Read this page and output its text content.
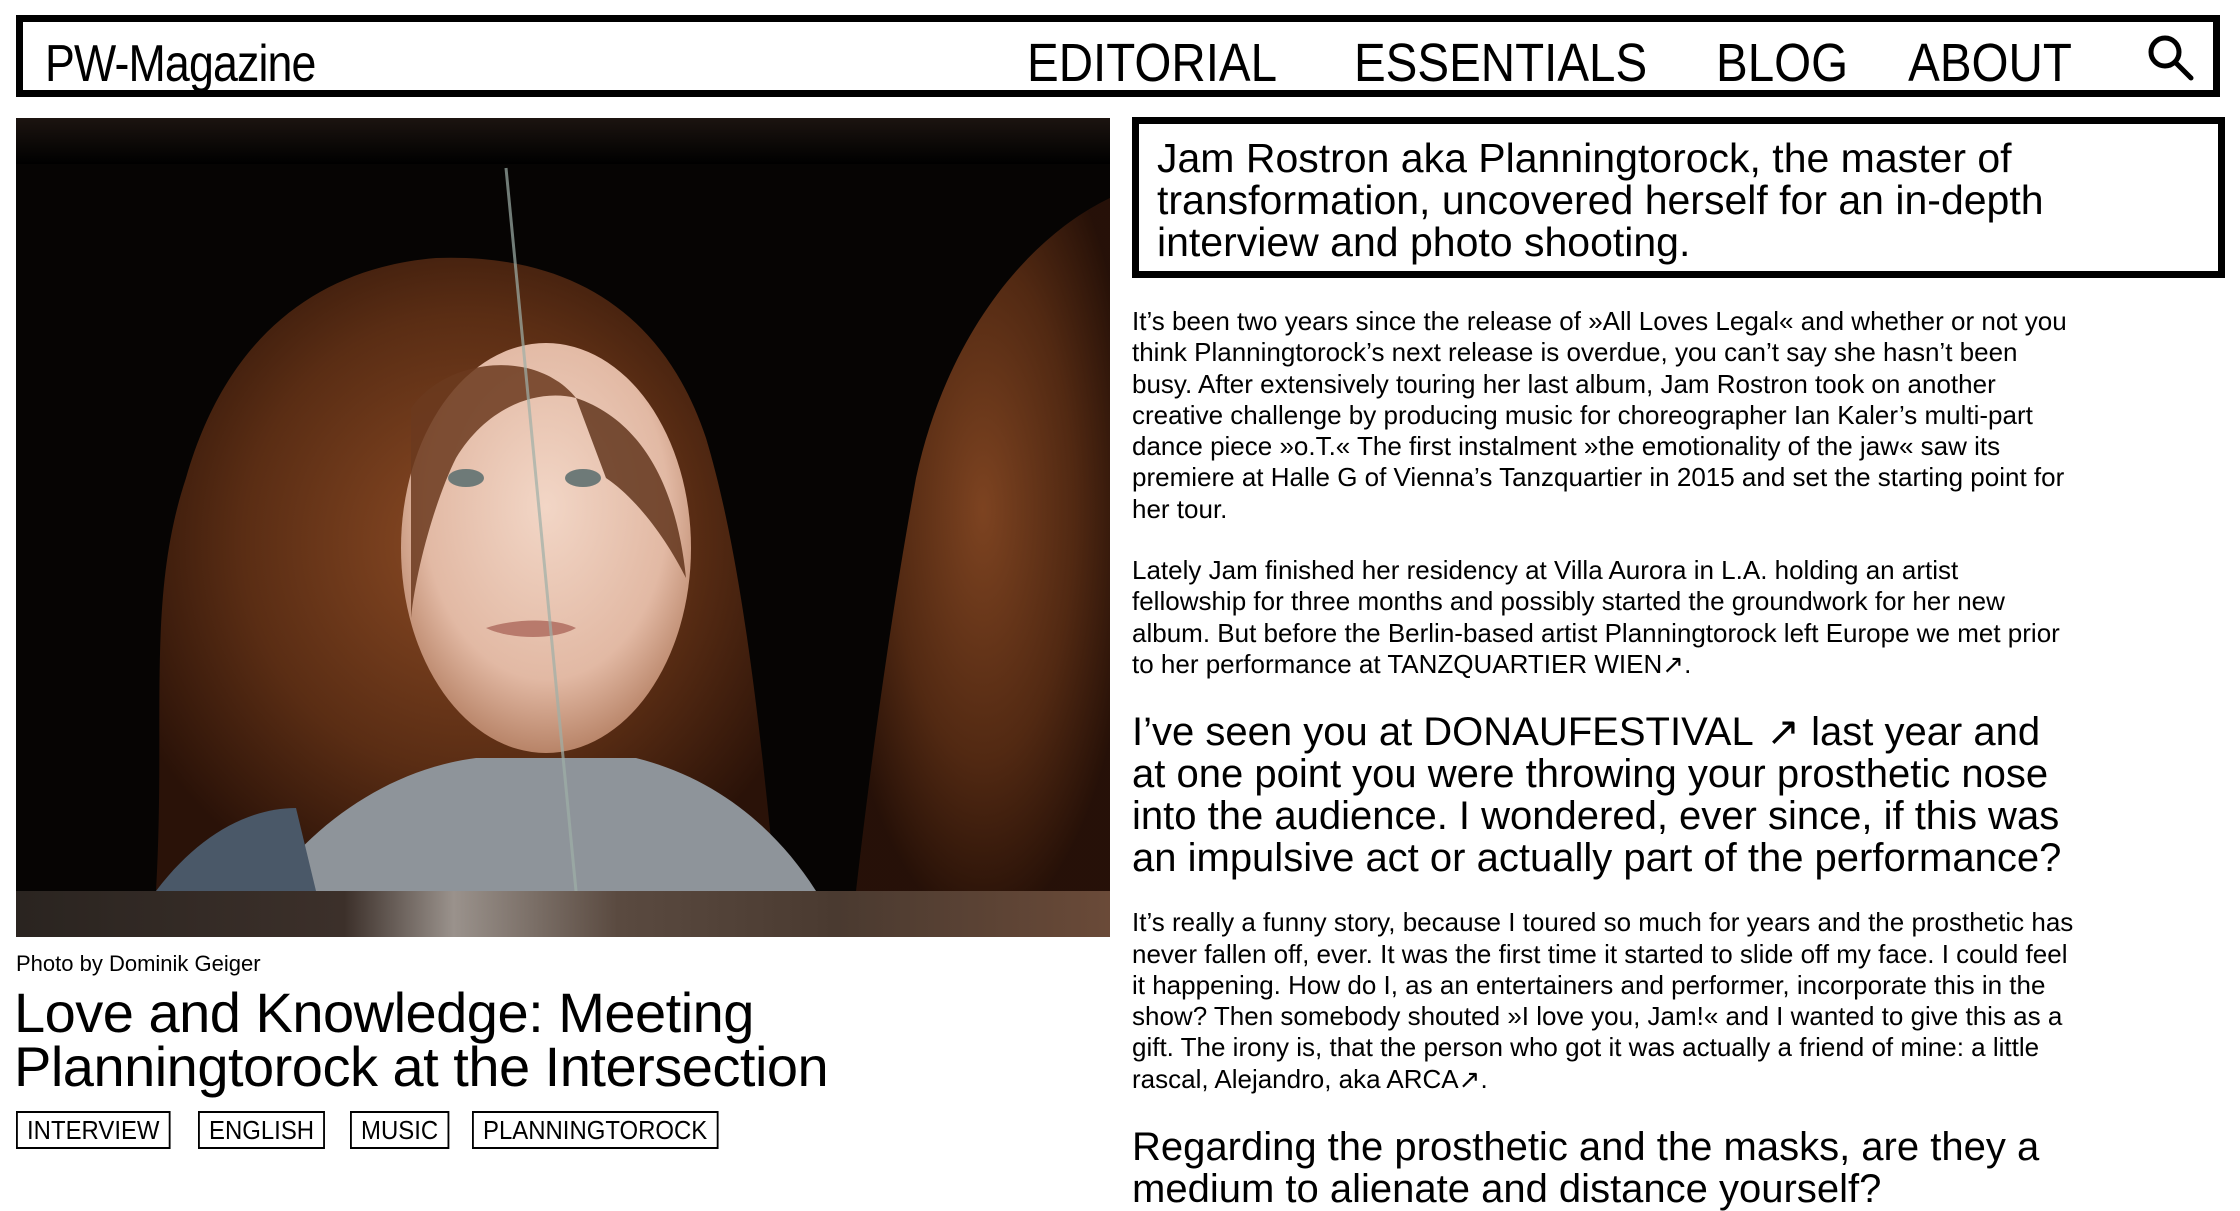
PW-Magazine	EDITORIAL ESSENTIALS BLOG ABOUT
Photo by Dominik Geiger
Love and Knowledge: Meeting Planningtorock at the Intersection
INTERVIEW	ENGLISH	MUSIC	PLANNINGTOROCK
Jam Rostron aka Planningtorock, the master of transformation, uncovered herself for an in-depth interview and photo shooting.

It’s been two years since the release of »All Loves Legal« and whether or not you think Planningtorock’s next release is overdue, you can’t say she hasn’t been busy. After extensively touring her last album, Jam Rostron took on another creative challenge by producing music for choreographer Ian Kaler’s multi-part dance piece »o.T.« The first instalment »the emotionality of the jaw« saw its premiere at Halle G of Vienna’s Tanzquartier in 2015 and set the starting point for her tour.

Lately Jam finished her residency at Villa Aurora in L.A. holding an artist fellowship for three months and possibly started the groundwork for her new album. But before the Berlin-based artist Planningtorock left Europe we met prior to her performance at TANZQUARTIER WIEN↗.

I’ve seen you at DONAUFESTIVAL ↗ last year and at one point you were throwing your prosthetic nose into the audience. I wondered, ever since, if this was an impulsive act or actually part of the performance?

It’s really a funny story, because I toured so much for years and the prosthetic has never fallen off, ever. It was the first time it started to slide off my face. I could feel it happening. How do I, as an entertainers and performer, incorporate this in the show? Then somebody shouted »I love you, Jam!« and I wanted to give this as a gift. The irony is, that the person who got it was actually a friend of mine: a little rascal, Alejandro, aka ARCA↗.

Regarding the prosthetic and the masks, are they a medium to alienate and distance yourself?
